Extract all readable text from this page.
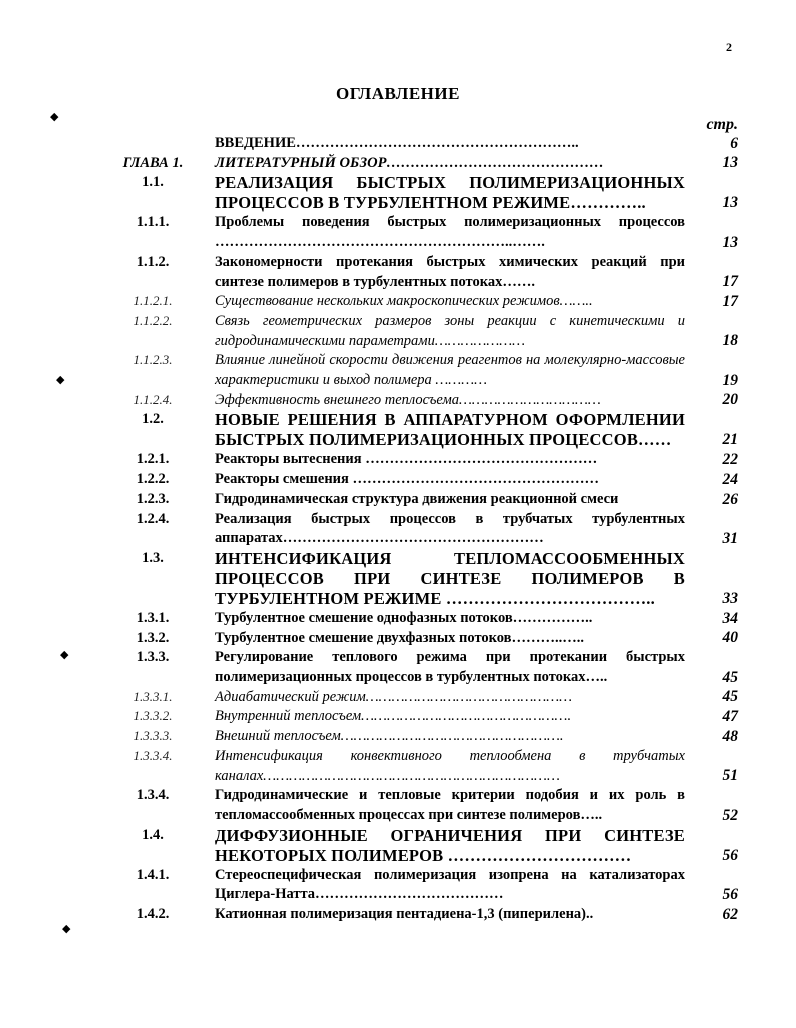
2
ОГЛАВЛЕНИЕ
стр.
ВВЕДЕНИЕ…………………………………………………..	6
ГЛАВА 1.	ЛИТЕРАТУРНЫЙ ОБЗОР………………………………………	13
1.1.	РЕАЛИЗАЦИЯ БЫСТРЫХ ПОЛИМЕРИЗАЦИОННЫХ ПРОЦЕССОВ В ТУРБУЛЕНТНОМ РЕЖИМЕ…………..	13
1.1.1.	Проблемы поведения быстрых полимеризационных процессов ……………………………………………………..…….	13
1.1.2.	Закономерности протекания быстрых химических реакций при синтезе полимеров в турбулентных потоках…….	17
1.1.2.1.	Существование нескольких макроскопических режимов……..	17
1.1.2.2.	Связь геометрических размеров зоны реакции с кинетическими и гидродинамическими параметрами…………………	18
1.1.2.3.	Влияние линейной скорости движения реагентов на молекулярно-массовые характеристики и выход полимера …………	19
1.1.2.4.	Эффективность внешнего теплосъема……………………………	20
1.2.	НОВЫЕ РЕШЕНИЯ В АППАРАТУРНОМ ОФОРМЛЕНИИ БЫСТРЫХ ПОЛИМЕРИЗАЦИОННЫХ ПРОЦЕССОВ……	21
1.2.1.	Реакторы вытеснения …………………………………………	22
1.2.2.	Реакторы смешения ……………………………………………	24
1.2.3.	Гидродинамическая структура движения реакционной смеси	26
1.2.4.	Реализация быстрых процессов в трубчатых турбулентных аппаратах………………………………………………	31
1.3.	ИНТЕНСИФИКАЦИЯ ТЕПЛОМАССООБМЕННЫХ ПРОЦЕССОВ ПРИ СИНТЕЗЕ ПОЛИМЕРОВ В ТУРБУЛЕНТНОМ РЕЖИМЕ ………………………………..	33
1.3.1.	Турбулентное смешение однофазных потоков……………..	34
1.3.2.	Турбулентное смешение двухфазных потоков………..…..	40
1.3.3.	Регулирование теплового режима при протекании быстрых полимеризационных процессов в турбулентных потоках…..	45
1.3.3.1.	Адиабатический режим…………………………………………	45
1.3.3.2.	Внутренний теплосъем………………………………………….	47
1.3.3.3.	Внешний теплосъем…………………………………………….	48
1.3.3.4.	Интенсификация конвективного теплообмена в трубчатых каналах……………………………………………………………	51
1.3.4.	Гидродинамические и тепловые критерии подобия и их роль в тепломассообменных процессах при синтезе полимеров…..	52
1.4.	ДИФФУЗИОННЫЕ ОГРАНИЧЕНИЯ ПРИ СИНТЕЗЕ НЕКОТОРЫХ ПОЛИМЕРОВ ……………………………	56
1.4.1.	Стереоспецифическая полимеризация изопрена на катализаторах Циглера-Натта…………………………………	56
1.4.2.	Катионная полимеризация пентадиена-1,3 (пиперилена)..	62
◆
◆
◆
◆
